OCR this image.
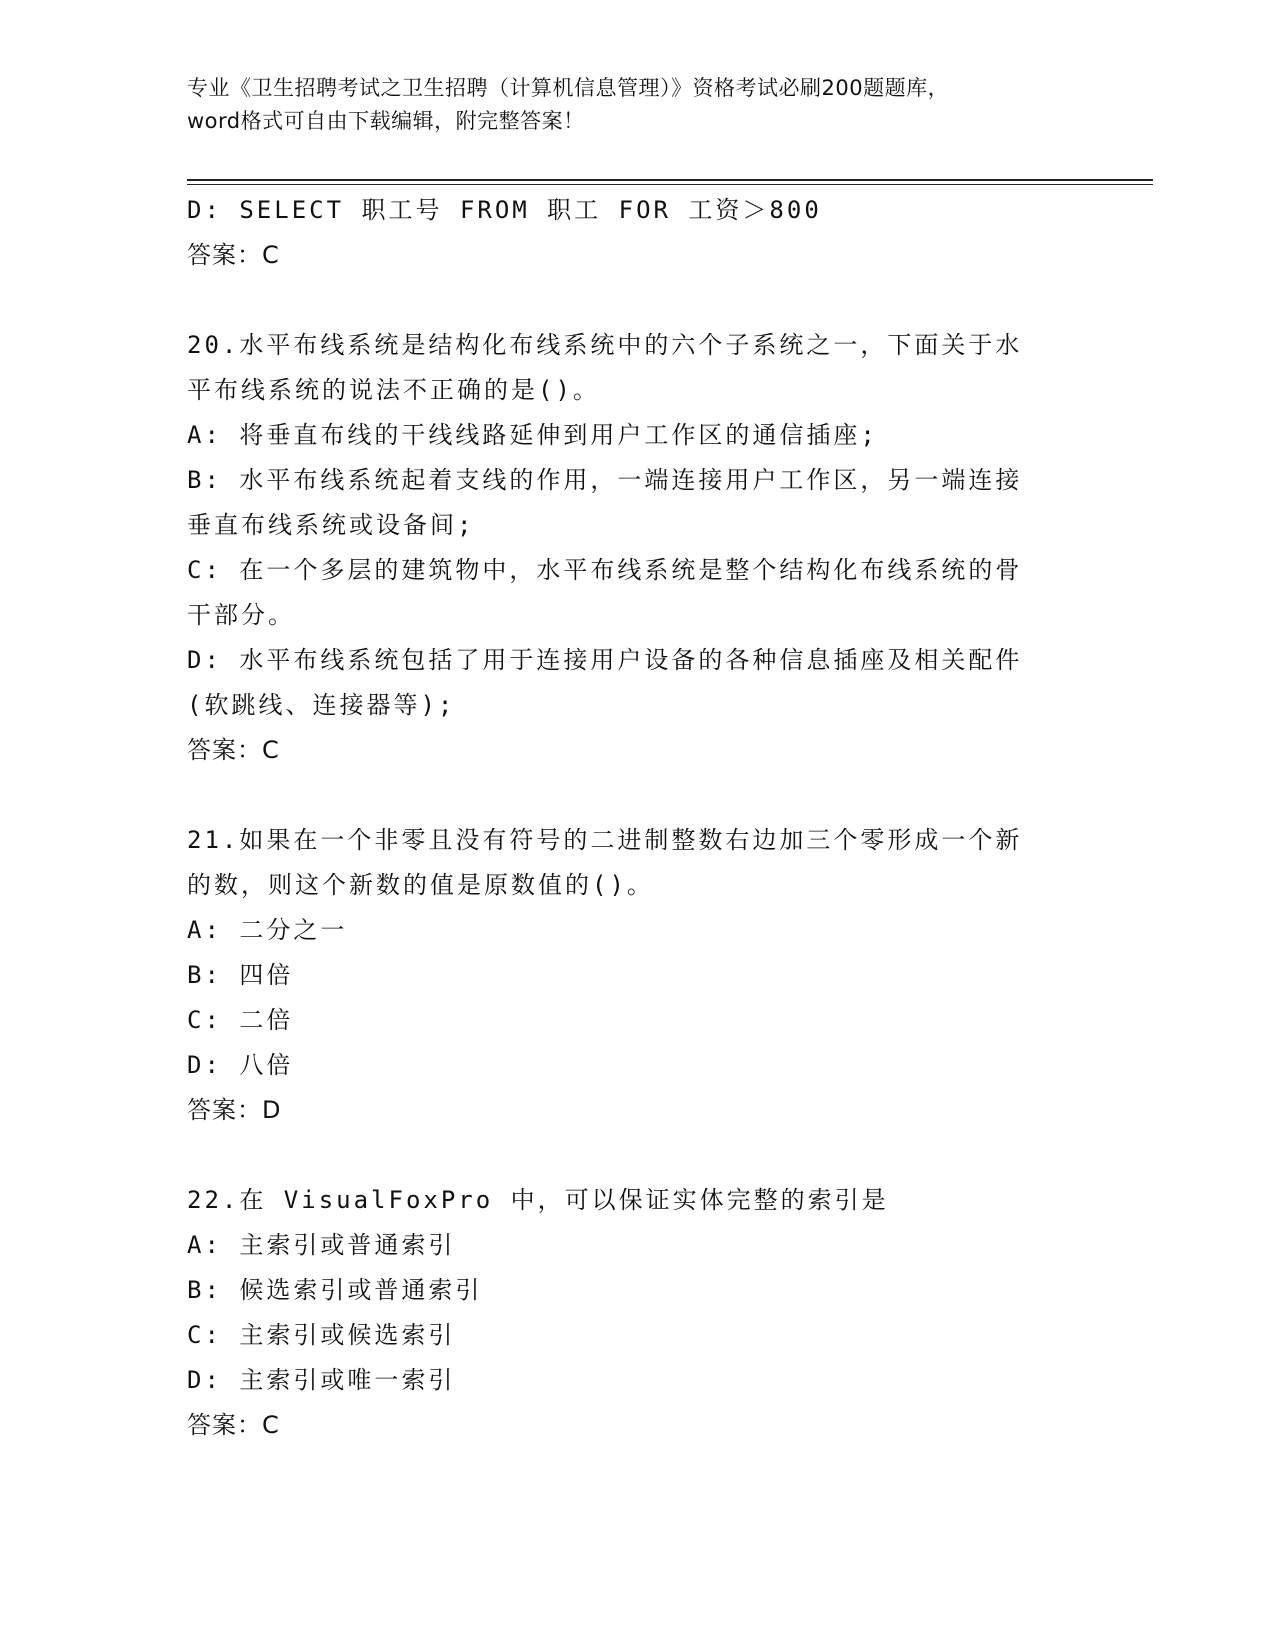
专业《卫生招聘考试之卫生招聘（计算机信息管理）》资格考试必刷200题题库，
word格式可自由下载编辑，附完整答案！

D: SELECT 职工号 FROM 职工 FOR 工资＞800

答案：C

20.水平布线系统是结构化布线系统中的六个子系统之一，下面关于水

平布线系统的说法不正确的是()。

A: 将垂直布线的干线线路延伸到用户工作区的通信插座;

B: 水平布线系统起着支线的作用，一端连接用户工作区，另一端连接

垂直布线系统或设备间;

C: 在一个多层的建筑物中，水平布线系统是整个结构化布线系统的骨

干部分。

D: 水平布线系统包括了用于连接用户设备的各种信息插座及相关配件

(软跳线、连接器等);

答案：C

21.如果在一个非零且没有符号的二进制整数右边加三个零形成一个新

的数，则这个新数的值是原数值的()。

A: 二分之一

B: 四倍

C: 二倍

D: 八倍

答案：D

22.在 VisualFoxPro 中，可以保证实体完整的索引是

A: 主索引或普通索引

B: 候选索引或普通索引

C: 主索引或候选索引

D: 主索引或唯一索引

答案：C
